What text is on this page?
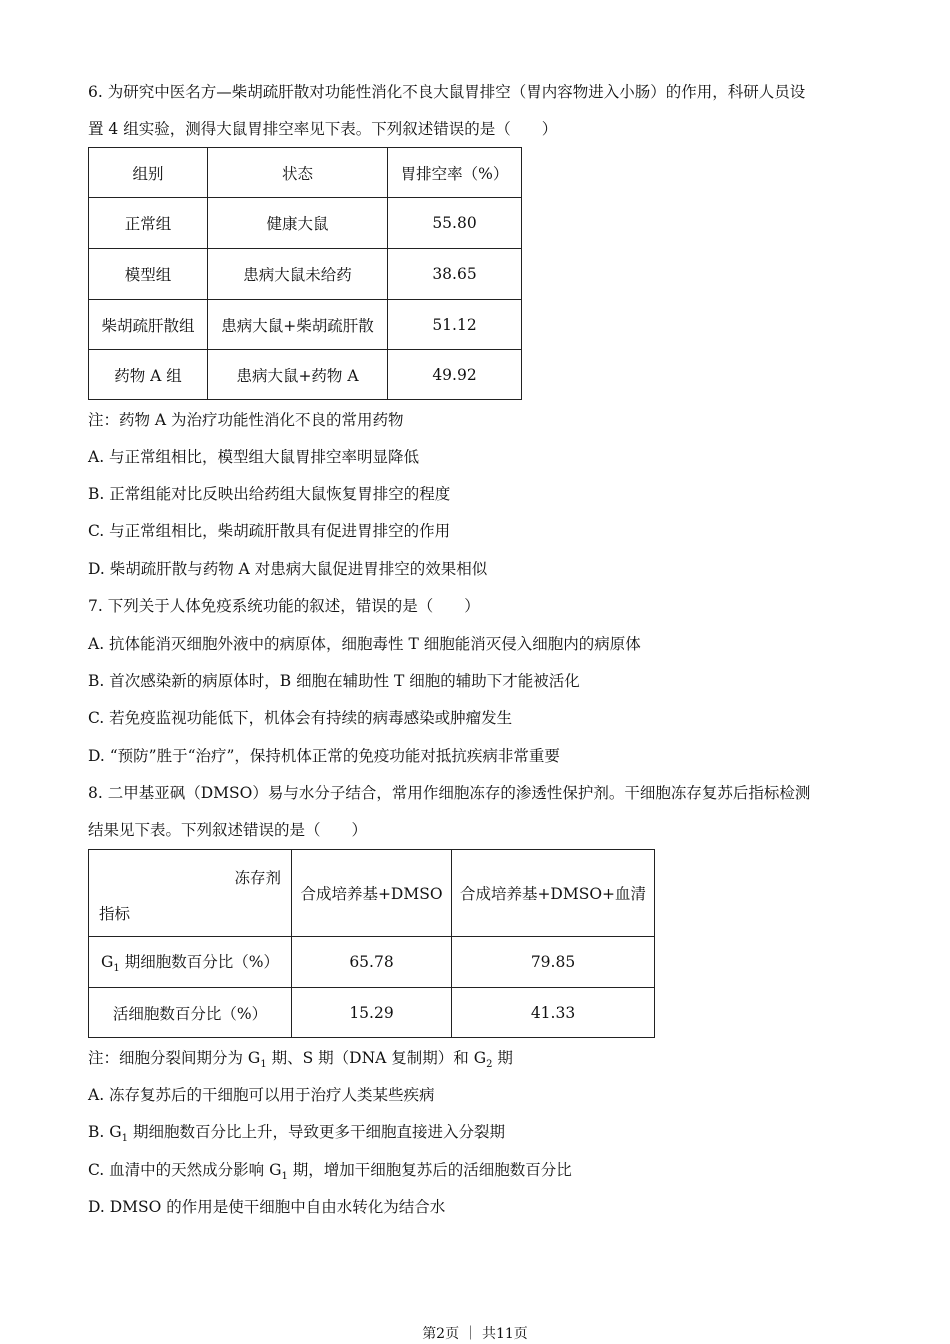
6. 为研究中医名方—柴胡疏肝散对功能性消化不良大鼠胃排空（胃内容物进入小肠）的作用，科研人员设
置 4 组实验，测得大鼠胃排空率见下表。下列叙述错误的是（　　）
组别	状态	胃排空率（%）
正常组	健康大鼠	55.80
模型组	患病大鼠未给药	38.65
柴胡疏肝散组	患病大鼠+柴胡疏肝散	51.12
药物 A 组	患病大鼠+药物 A	49.92
注：药物 A 为治疗功能性消化不良的常用药物
A. 与正常组相比，模型组大鼠胃排空率明显降低
B. 正常组能对比反映出给药组大鼠恢复胃排空的程度
C. 与正常组相比，柴胡疏肝散具有促进胃排空的作用
D. 柴胡疏肝散与药物 A 对患病大鼠促进胃排空的效果相似
7. 下列关于人体免疫系统功能的叙述，错误的是（　　）
A. 抗体能消灭细胞外液中的病原体，细胞毒性 T 细胞能消灭侵入细胞内的病原体
B. 首次感染新的病原体时，B 细胞在辅助性 T 细胞的辅助下才能被活化
C. 若免疫监视功能低下，机体会有持续的病毒感染或肿瘤发生
D. “预防”胜于“治疗”，保持机体正常的免疫功能对抵抗疾病非常重要
8. 二甲基亚砜（DMSO）易与水分子结合，常用作细胞冻存的渗透性保护剂。干细胞冻存复苏后指标检测
结果见下表。下列叙述错误的是（　　）
冻存剂
指标	合成培养基+DMSO	合成培养基+DMSO+血清
$G_1$ 期细胞数百分比（%）	65.78	79.85
活细胞数百分比（%）	15.29	41.33
注：细胞分裂间期分为 $G_1$ 期、S 期（DNA 复制期）和 $G_2$ 期
A. 冻存复苏后的干细胞可以用于治疗人类某些疾病
B. $G_1$ 期细胞数百分比上升，导致更多干细胞直接进入分裂期
C. 血清中的天然成分影响 $G_1$ 期，增加干细胞复苏后的活细胞数百分比
D. DMSO 的作用是使干细胞中自由水转化为结合水
第2页 ｜ 共11页
